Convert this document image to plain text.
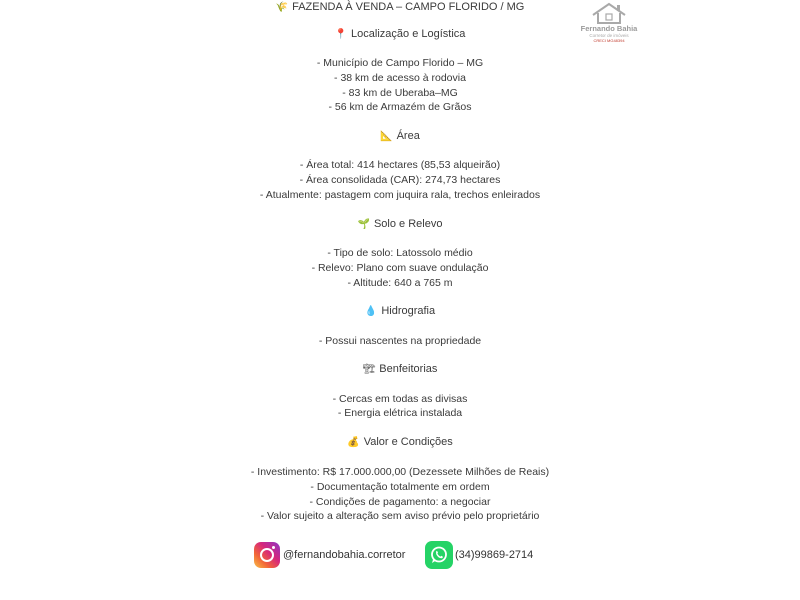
Fernando Bahia
Corretor de imóveis
CRECI MG48394
🌾 FAZENDA À VENDA – CAMPO FLORIDO / MG
📍 Localização e Logística
- Município de Campo Florido – MG
- 38 km de acesso à rodovia
- 83 km de Uberaba–MG
- 56 km de Armazém de Grãos
📐 Área
- Área total: 414 hectares (85,53 alqueirão)
- Área consolidada (CAR): 274,73 hectares
- Atualmente: pastagem com juquira rala, trechos enleirados
🌱 Solo e Relevo
- Tipo de solo: Latossolo médio
- Relevo: Plano com suave ondulação
- Altitude: 640 a 765 m
💧 Hidrografia
- Possui nascentes na propriedade
🏗 Benfeitorias
- Cercas em todas as divisas
- Energia elétrica instalada
💰 Valor e Condições
- Investimento: R$ 17.000.000,00 (Dezessete Milhões de Reais)
- Documentação totalmente em ordem
- Condições de pagamento: a negociar
- Valor sujeito a alteração sem aviso prévio pelo proprietário
@fernandobahia.corretor	(34)99869-2714
